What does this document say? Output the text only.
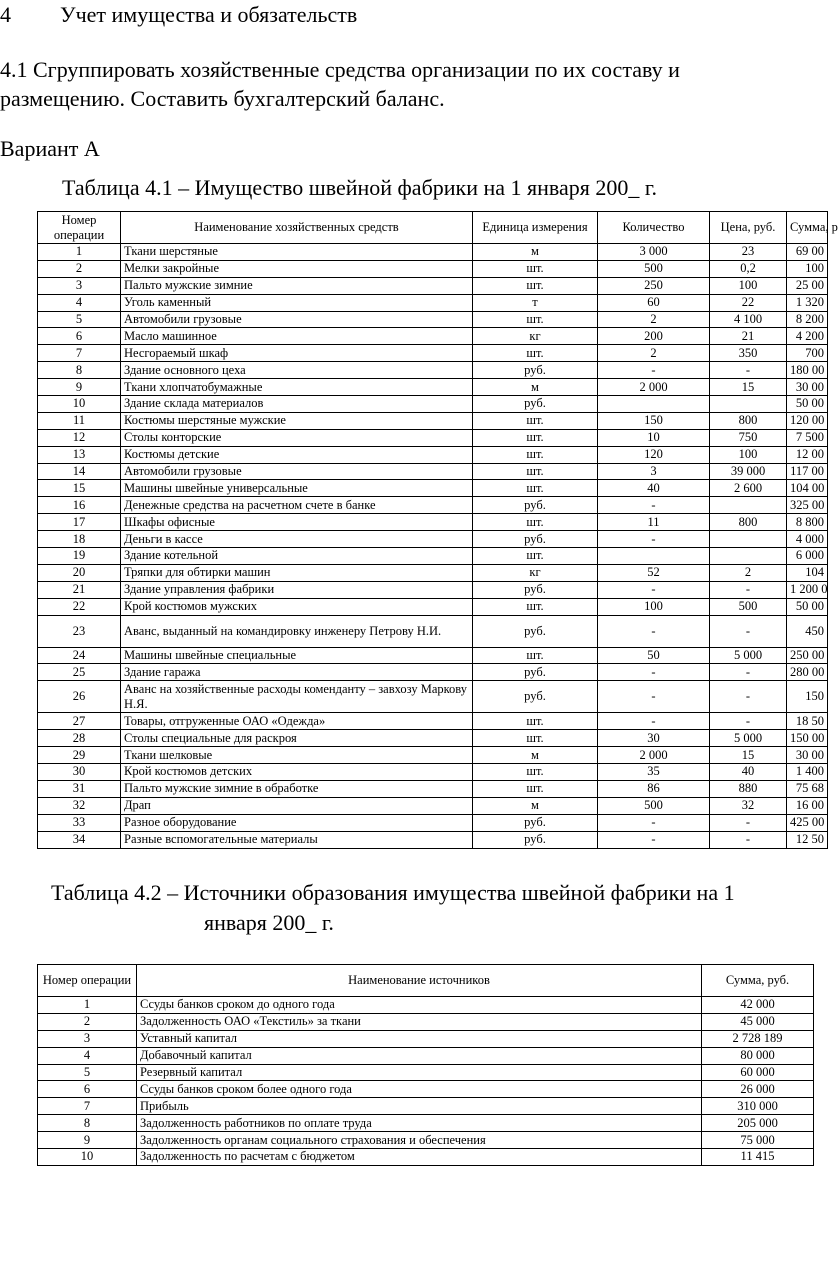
4 Учет имущества и обязательств
4.1 Сгруппировать хозяйственные средства организации по их составу и размещению. Составить бухгалтерский баланс.
Вариант А
Таблица 4.1 – Имущество швейной фабрики на 1 января 200_ г.
Номер операции	Наименование хозяйственных средств	Единица измерения	Количество	Цена, руб.	Сумма, р
1	Ткани шерстяные	м	3 000	23	69 00
2	Мелки закройные	шт.	500	0,2	100
3	Пальто мужские зимние	шт.	250	100	25 00
4	Уголь каменный	т	60	22	1 320
5	Автомобили грузовые	шт.	2	4 100	8 200
6	Масло машинное	кг	200	21	4 200
7	Несгораемый шкаф	шт.	2	350	700
8	Здание основного цеха	руб.	-	-	180 00
9	Ткани хлопчатобумажные	м	2 000	15	30 00
10	Здание склада материалов	руб.			50 00
11	Костюмы шерстяные мужские	шт.	150	800	120 00
12	Столы конторские	шт.	10	750	7 500
13	Костюмы детские	шт.	120	100	12 00
14	Автомобили грузовые	шт.	3	39 000	117 00
15	Машины швейные универсальные	шт.	40	2 600	104 00
16	Денежные средства на расчетном счете в банке	руб.	-		325 00
17	Шкафы офисные	шт.	11	800	8 800
18	Деньги в кассе	руб.	-		4 000
19	Здание котельной	шт.			6 000
20	Тряпки для обтирки машин	кг	52	2	104
21	Здание управления фабрики	руб.	-	-	1 200 0
22	Крой костюмов мужских	шт.	100	500	50 00
23	Аванс, выданный на командировку инженеру Петрову Н.И.	руб.	-	-	450
24	Машины швейные специальные	шт.	50	5 000	250 00
25	Здание гаража	руб.	-	-	280 00
26	Аванс на хозяйственные расходы коменданту – завхозу Маркову Н.Я.	руб.	-	-	150
27	Товары, отгруженные ОАО «Одежда»	шт.	-	-	18 50
28	Столы специальные для раскроя	шт.	30	5 000	150 00
29	Ткани шелковые	м	2 000	15	30 00
30	Крой костюмов детских	шт.	35	40	1 400
31	Пальто мужские зимние в обработке	шт.	86	880	75 68
32	Драп	м	500	32	16 00
33	Разное оборудование	руб.	-	-	425 00
34	Разные вспомогательные материалы	руб.	-	-	12 50
Таблица 4.2 – Источники образования имущества швейной фабрики на 1
января 200_ г.
Номер операции	Наименование источников	Сумма, руб.
1	Ссуды банков сроком до одного года	42 000
2	Задолженность ОАО «Текстиль» за ткани	45 000
3	Уставный капитал	2 728 189
4	Добавочный капитал	80 000
5	Резервный капитал	60 000
6	Ссуды банков сроком более одного года	26 000
7	Прибыль	310 000
8	Задолженность работников по оплате труда	205 000
9	Задолженность органам социального страхования и обеспечения	75 000
10	Задолженность по расчетам с бюджетом	11 415
